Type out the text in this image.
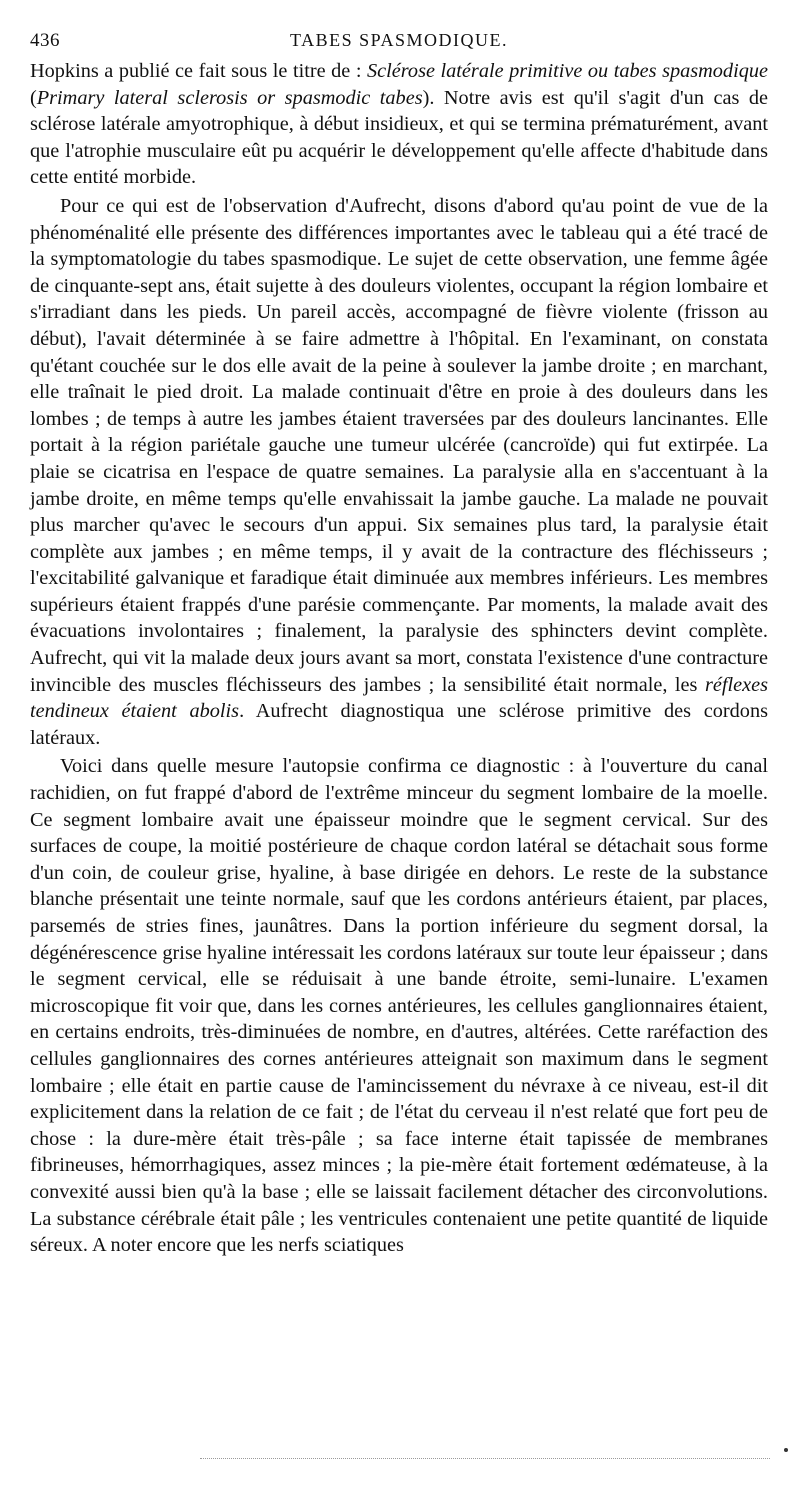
436	TABES SPASMODIQUE.

Hopkins a publié ce fait sous le titre de : Sclérose latérale primitive ou tabes spasmodique (Primary lateral sclerosis or spasmodic tabes). Notre avis est qu'il s'agit d'un cas de sclérose latérale amyotrophique, à début insidieux, et qui se termina prématurément, avant que l'atrophie musculaire eût pu acquérir le développement qu'elle affecte d'habitude dans cette entité morbide.

Pour ce qui est de l'observation d'Aufrecht, disons d'abord qu'au point de vue de la phénoménalité elle présente des différences importantes avec le tableau qui a été tracé de la symptomatologie du tabes spasmodique. Le sujet de cette observation, une femme âgée de cinquante-sept ans, était sujette à des douleurs violentes, occupant la région lombaire et s'irradiant dans les pieds. Un pareil accès, accompagné de fièvre violente (frisson au début), l'avait déterminée à se faire admettre à l'hôpital. En l'examinant, on constata qu'étant couchée sur le dos elle avait de la peine à soulever la jambe droite ; en marchant, elle traînait le pied droit. La malade continuait d'être en proie à des douleurs dans les lombes ; de temps à autre les jambes étaient traversées par des douleurs lancinantes. Elle portait à la région pariétale gauche une tumeur ulcérée (cancroïde) qui fut extirpée. La plaie se cicatrisa en l'espace de quatre semaines. La paralysie alla en s'accentuant à la jambe droite, en même temps qu'elle envahissait la jambe gauche. La malade ne pouvait plus marcher qu'avec le secours d'un appui. Six semaines plus tard, la paralysie était complète aux jambes ; en même temps, il y avait de la contracture des fléchisseurs ; l'excitabilité galvanique et faradique était diminuée aux membres inférieurs. Les membres supérieurs étaient frappés d'une parésie commençante. Par moments, la malade avait des évacuations involontaires ; finalement, la paralysie des sphincters devint complète. Aufrecht, qui vit la malade deux jours avant sa mort, constata l'existence d'une contracture invincible des muscles fléchisseurs des jambes ; la sensibilité était normale, les réflexes tendineux étaient abolis. Aufrecht diagnostiqua une sclérose primitive des cordons latéraux.

Voici dans quelle mesure l'autopsie confirma ce diagnostic : à l'ouverture du canal rachidien, on fut frappé d'abord de l'extrême minceur du segment lombaire de la moelle. Ce segment lombaire avait une épaisseur moindre que le segment cervical. Sur des surfaces de coupe, la moitié postérieure de chaque cordon latéral se détachait sous forme d'un coin, de couleur grise, hyaline, à base dirigée en dehors. Le reste de la substance blanche présentait une teinte normale, sauf que les cordons antérieurs étaient, par places, parsemés de stries fines, jaunâtres. Dans la portion inférieure du segment dorsal, la dégénérescence grise hyaline intéressait les cordons latéraux sur toute leur épaisseur ; dans le segment cervical, elle se réduisait à une bande étroite, semi-lunaire. L'examen microscopique fit voir que, dans les cornes antérieures, les cellules ganglionnaires étaient, en certains endroits, très-diminuées de nombre, en d'autres, altérées. Cette raréfaction des cellules ganglionnaires des cornes antérieures atteignait son maximum dans le segment lombaire ; elle était en partie cause de l'amincissement du névraxe à ce niveau, est-il dit explicitement dans la relation de ce fait ; de l'état du cerveau il n'est relaté que fort peu de chose : la dure-mère était très-pâle ; sa face interne était tapissée de membranes fibrineuses, hémorrhagiques, assez minces ; la pie-mère était fortement œdémateuse, à la convexité aussi bien qu'à la base ; elle se laissait facilement détacher des circonvolutions. La substance cérébrale était pâle ; les ventricules contenaient une petite quantité de liquide séreux. A noter encore que les nerfs sciatiques
